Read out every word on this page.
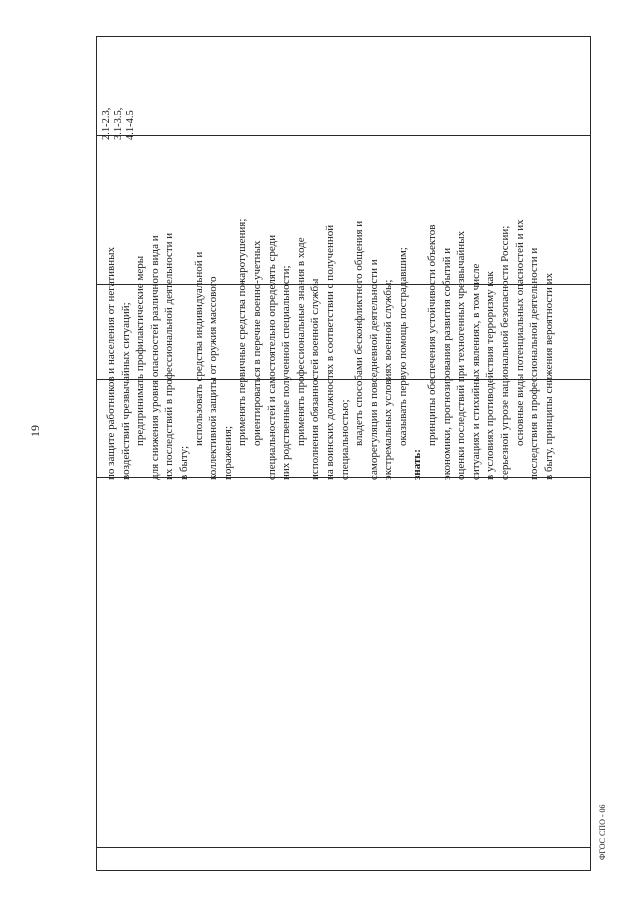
2.1-2.3, 3.1-3.5, 4.1-4.5
по защите работников и населения от негативных воздействий чрезвычайных ситуаций; предпринимать профилактические меры для снижения уровня опасностей различного вида и их последствий в профессиональной деятельности и в быту;
использовать средства индивидуальной и коллективной защиты от оружия массового поражения;
применять первичные средства пожаротушения; ориентироваться в перечне военно-учетных специальностей и самостоятельно определять среди них родственные полученной специальности; применять профессиональные знания в ходе исполнения обязанностей военной службы на воинских должностях в соответствии с полученной специальностью; владеть способами бесконфликтного общения и саморегуляции в повседневной деятельности и экстремальных условиях военной службы; оказывать первую помощь пострадавшим;
знать:
принципы обеспечения устойчивости объектов экономики, прогнозирования развития событий и оценки последствий при техногенных чрезвычайных ситуациях и стихийных явлениях, в том числе в условиях противодействия терроризму как серьезной угрозе национальной безопасности России; основные виды потенциальных опасностей и их последствия в профессиональной деятельности и в быту, принципы снижения вероятности их
19
ФГОС СПО - 06
